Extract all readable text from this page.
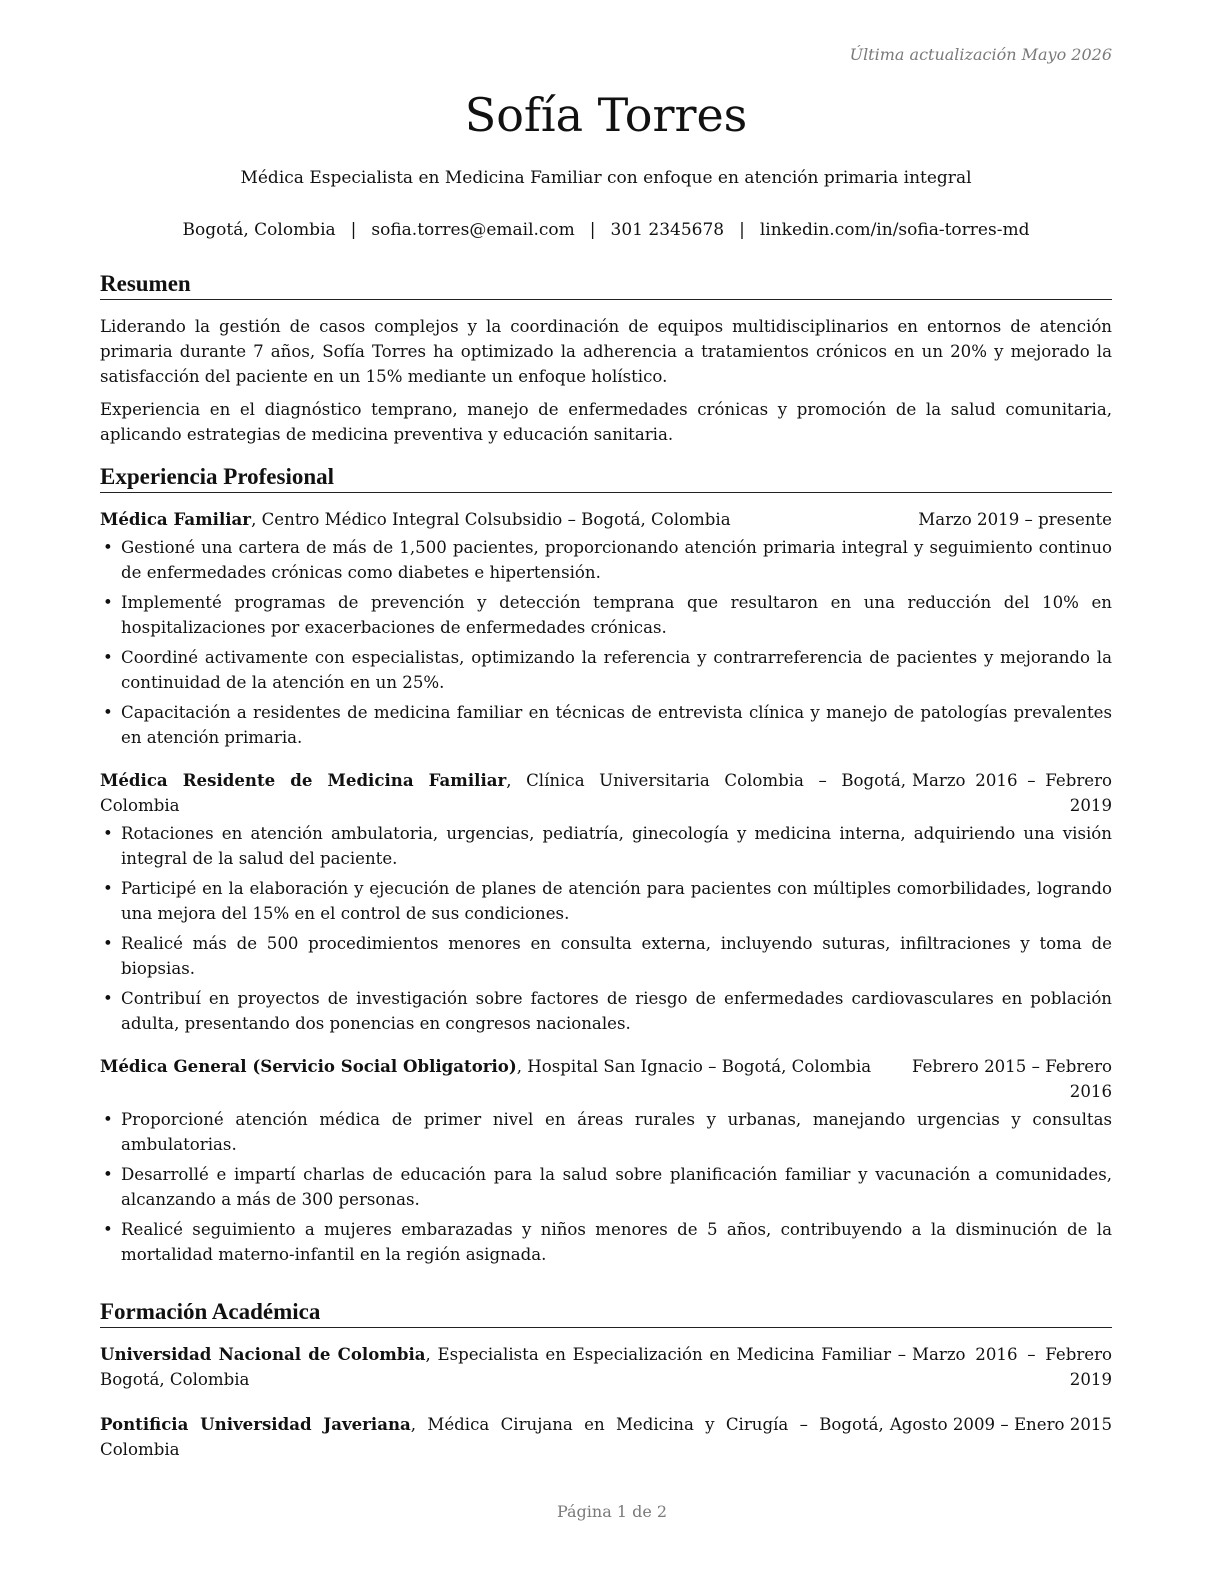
Última actualización Mayo 2026
Sofía Torres
Médica Especialista en Medicina Familiar con enfoque en atención primaria integral
Bogotá, Colombia | sofia.torres@email.com | 301 2345678 | linkedin.com/in/sofia-torres-md
Resumen

Liderando la gestión de casos complejos y la coordinación de equipos multidisciplinarios en entornos de atención primaria durante 7 años, Sofía Torres ha optimizado la adherencia a tratamientos crónicos en un 20% y mejorado la satisfacción del paciente en un 15% mediante un enfoque holístico.

Experiencia en el diagnóstico temprano, manejo de enfermedades crónicas y promoción de la salud comunitaria, aplicando estrategias de medicina preventiva y educación sanitaria.

Experiencia Profesional
Médica Familiar, Centro Médico Integral Colsubsidio – Bogotá, Colombia	Marzo 2019 – presente
• Gestioné una cartera de más de 1,500 pacientes, proporcionando atención primaria integral y seguimiento continuo de enfermedades crónicas como diabetes e hipertensión.
• Implementé programas de prevención y detección temprana que resultaron en una reducción del 10% en hospitalizaciones por exacerbaciones de enfermedades crónicas.
• Coordiné activamente con especialistas, optimizando la referencia y contrarreferencia de pacientes y mejorando la continuidad de la atención en un 25%.
• Capacitación a residentes de medicina familiar en técnicas de entrevista clínica y manejo de patologías prevalentes en atención primaria.
Médica Residente de Medicina Familiar, Clínica Universitaria Colombia – Bogotá, Colombia
Marzo 2016 – Febrero 2019
• Rotaciones en atención ambulatoria, urgencias, pediatría, ginecología y medicina interna, adquiriendo una visión integral de la salud del paciente.
• Participé en la elaboración y ejecución de planes de atención para pacientes con múltiples comorbilidades, logrando una mejora del 15% en el control de sus condiciones.
• Realicé más de 500 procedimientos menores en consulta externa, incluyendo suturas, infiltraciones y toma de biopsias.
• Contribuí en proyectos de investigación sobre factores de riesgo de enfermedades cardiovasculares en población adulta, presentando dos ponencias en congresos nacionales.
Médica General (Servicio Social Obligatorio), Hospital San Ignacio – Bogotá, Colombia	Febrero 2015 – Febrero 2016
• Proporcioné atención médica de primer nivel en áreas rurales y urbanas, manejando urgencias y consultas ambulatorias.
• Desarrollé e impartí charlas de educación para la salud sobre planificación familiar y vacunación a comunidades, alcanzando a más de 300 personas.
• Realicé seguimiento a mujeres embarazadas y niños menores de 5 años, contribuyendo a la disminución de la mortalidad materno-infantil en la región asignada.
Formación Académica
Universidad Nacional de Colombia, Especialista en Especialización en Medicina Familiar – Bogotá, Colombia
Marzo 2016 – Febrero 2019
Pontificia Universidad Javeriana, Médica Cirujana en Medicina y Cirugía – Bogotá, Colombia
Agosto 2009 – Enero 2015
Página 1 de 2
